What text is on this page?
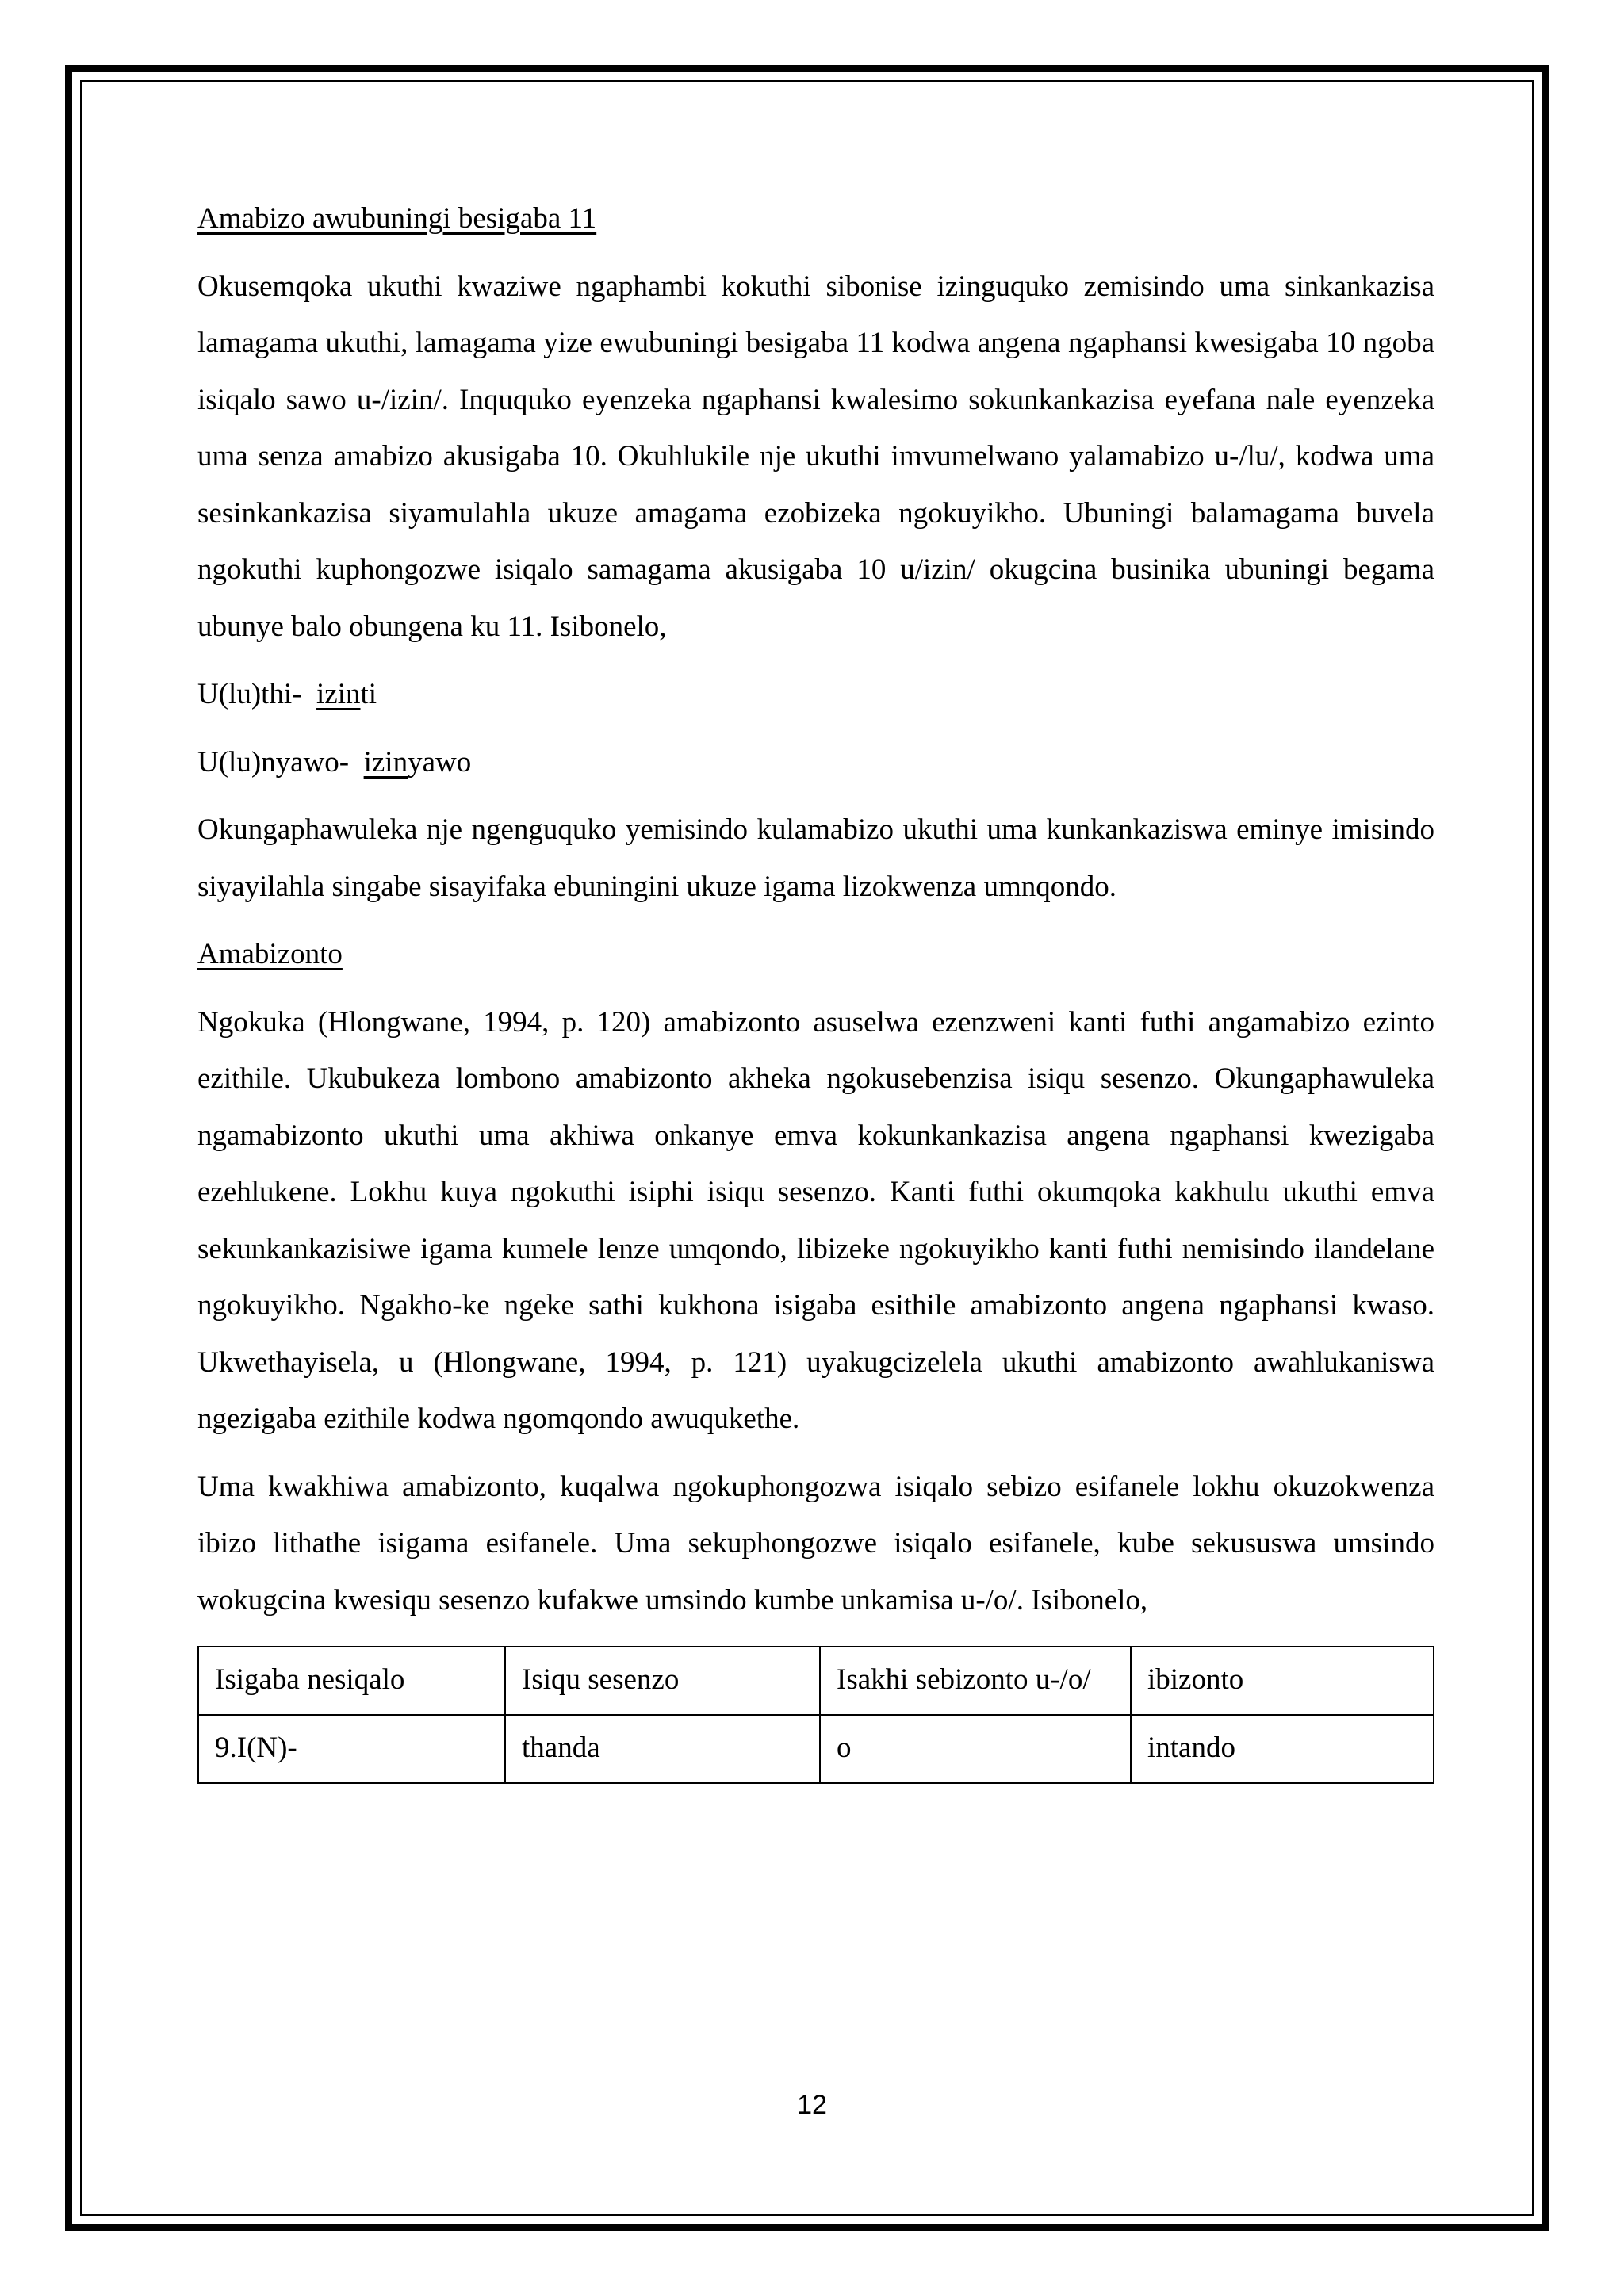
Amabizo awubuningi besigaba 11

Okusemqoka ukuthi kwaziwe ngaphambi kokuthi sibonise izinguquko zemisindo uma sinkankazisa lamagama ukuthi, lamagama yize ewubuningi besigaba 11 kodwa angena ngaphansi kwesigaba 10 ngoba isiqalo sawo u-/izin/. Inququko eyenzeka ngaphansi kwalesimo sokunkankazisa eyefana nale eyenzeka uma senza amabizo akusigaba 10. Okuhlukile nje ukuthi imvumelwano yalamabizo u-/lu/, kodwa uma sesinkankazisa siyamulahla ukuze amagama ezobizeka ngokuyikho. Ubuningi balamagama buvela ngokuthi kuphongozwe isiqalo samagama akusigaba 10 u/izin/ okugcina businika ubuningi begama ubunye balo obungena ku 11. Isibonelo,

U(lu)thi- izinti
U(lu)nyawo- izinyawo

Okungaphawuleka nje ngenguquko yemisindo kulamabizo ukuthi uma kunkankaziswa eminye imisindo siyayilahla singabe sisayifaka ebuningini ukuze igama lizokwenza umnqondo.

Amabizonto

Ngokuka (Hlongwane, 1994, p. 120) amabizonto asuselwa ezenzweni kanti futhi angamabizo ezinto ezithile. Ukubukeza lombono amabizonto akheka ngokusebenzisa isiqu sesenzo. Okungaphawuleka ngamabizonto ukuthi uma akhiwa onkanye emva kokunkankazisa angena ngaphansi kwezigaba ezehlukene. Lokhu kuya ngokuthi isiphi isiqu sesenzo. Kanti futhi okumqoka kakhulu ukuthi emva sekunkankazisiwe igama kumele lenze umqondo, libizeke ngokuyikho kanti futhi nemisindo ilandelane ngokuyikho. Ngakho-ke ngeke sathi kukhona isigaba esithile amabizonto angena ngaphansi kwaso. Ukwethayisela, u (Hlongwane, 1994, p. 121) uyakugcizelela ukuthi amabizonto awahlukaniswa ngezigaba ezithile kodwa ngomqondo awuqukethe.

Uma kwakhiwa amabizonto, kuqalwa ngokuphongozwa isiqalo sebizo esifanele lokhu okuzokwenza ibizo lithathe isigama esifanele. Uma sekuphongozwe isiqalo esifanele, kube sekususwa umsindo wokugcina kwesiqu sesenzo kufakwe umsindo kumbe unkamisa u-/o/. Isibonelo,

Isigaba nesiqalo	Isiqu sesenzo	Isakhi sebizonto u-/o/	ibizonto
9.I(N)-	thanda	o	intando
12
